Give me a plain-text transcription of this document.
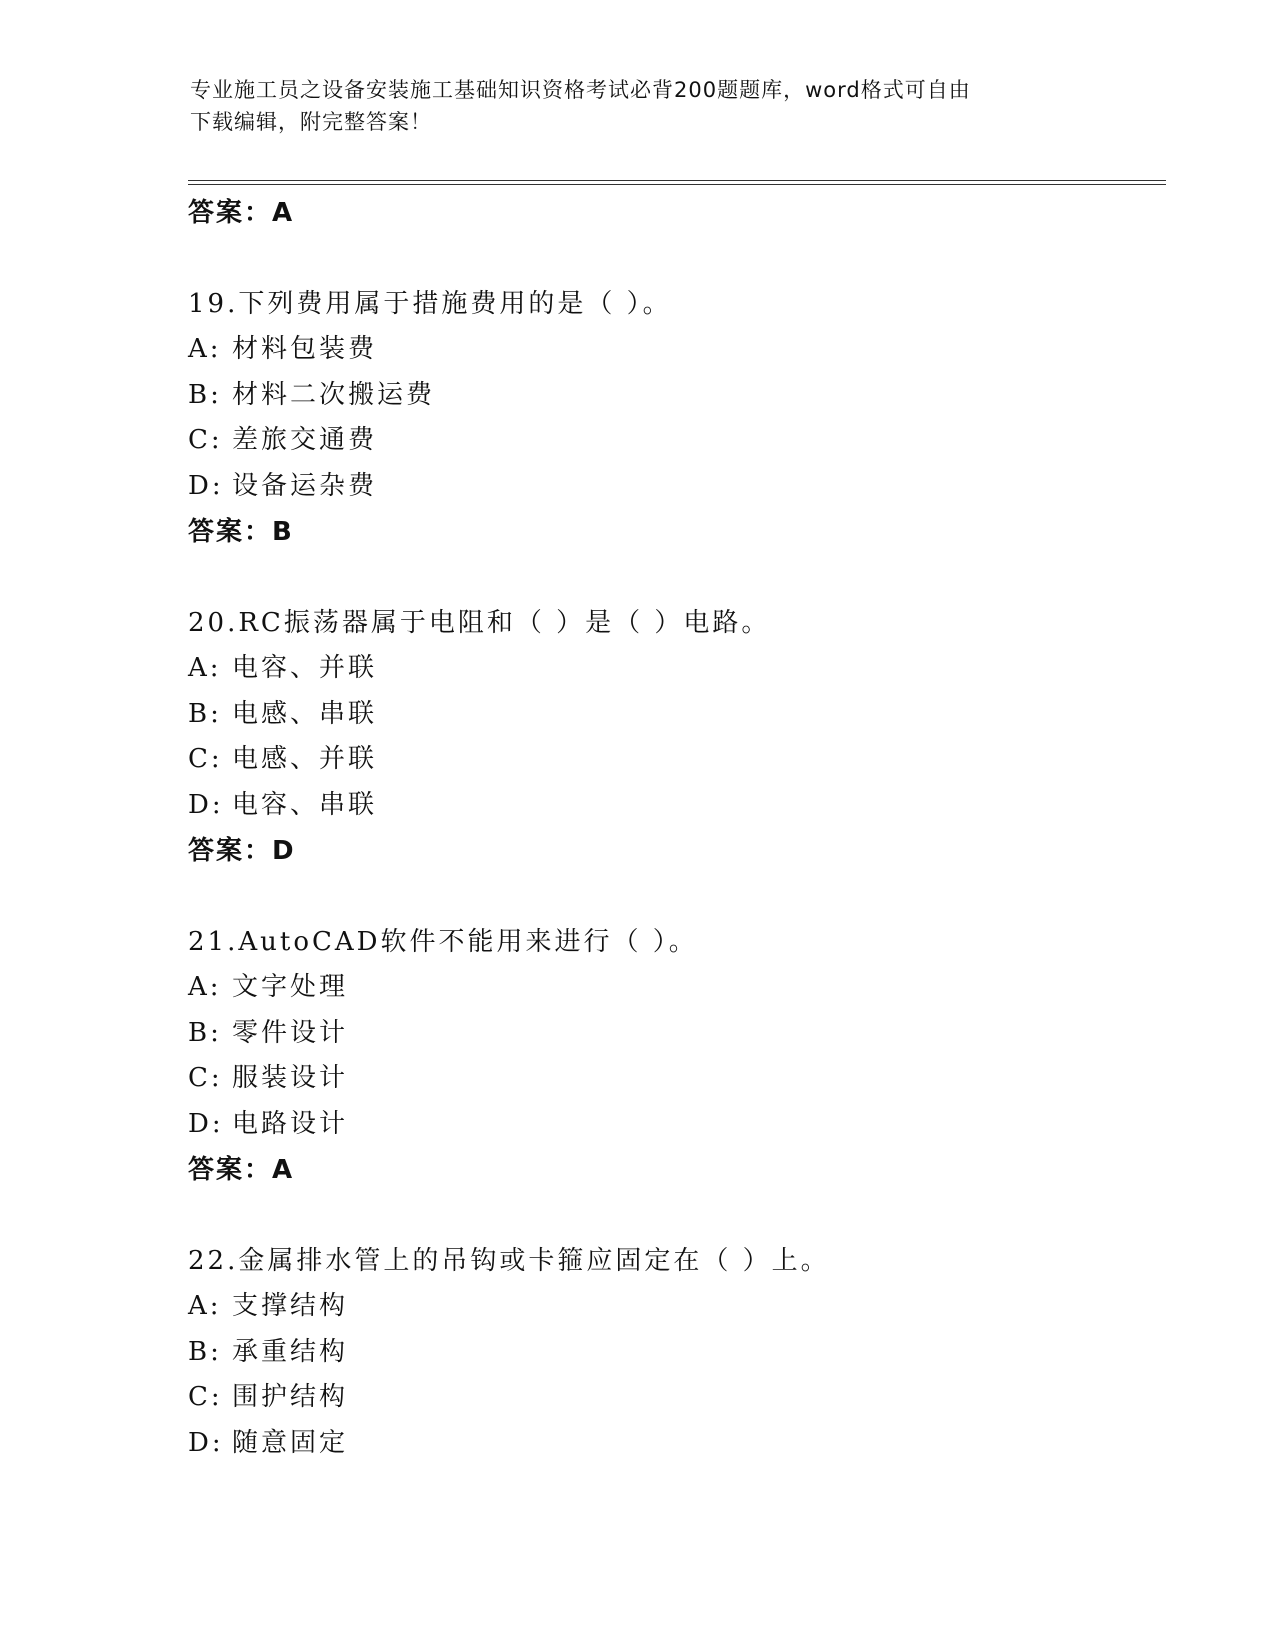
专业施工员之设备安装施工基础知识资格考试必背200题题库，word格式可自由
下载编辑，附完整答案！
答案：A
19.下列费用属于措施费用的是（ ）。
A: 材料包装费
B: 材料二次搬运费
C: 差旅交通费
D: 设备运杂费
答案：B
20.RC振荡器属于电阻和（ ）是（ ）电路。
A: 电容、并联
B: 电感、串联
C: 电感、并联
D: 电容、串联
答案：D
21.AutoCAD软件不能用来进行（ ）。
A: 文字处理
B: 零件设计
C: 服装设计
D: 电路设计
答案：A
22.金属排水管上的吊钩或卡箍应固定在（ ）上。
A: 支撑结构
B: 承重结构
C: 围护结构
D: 随意固定
